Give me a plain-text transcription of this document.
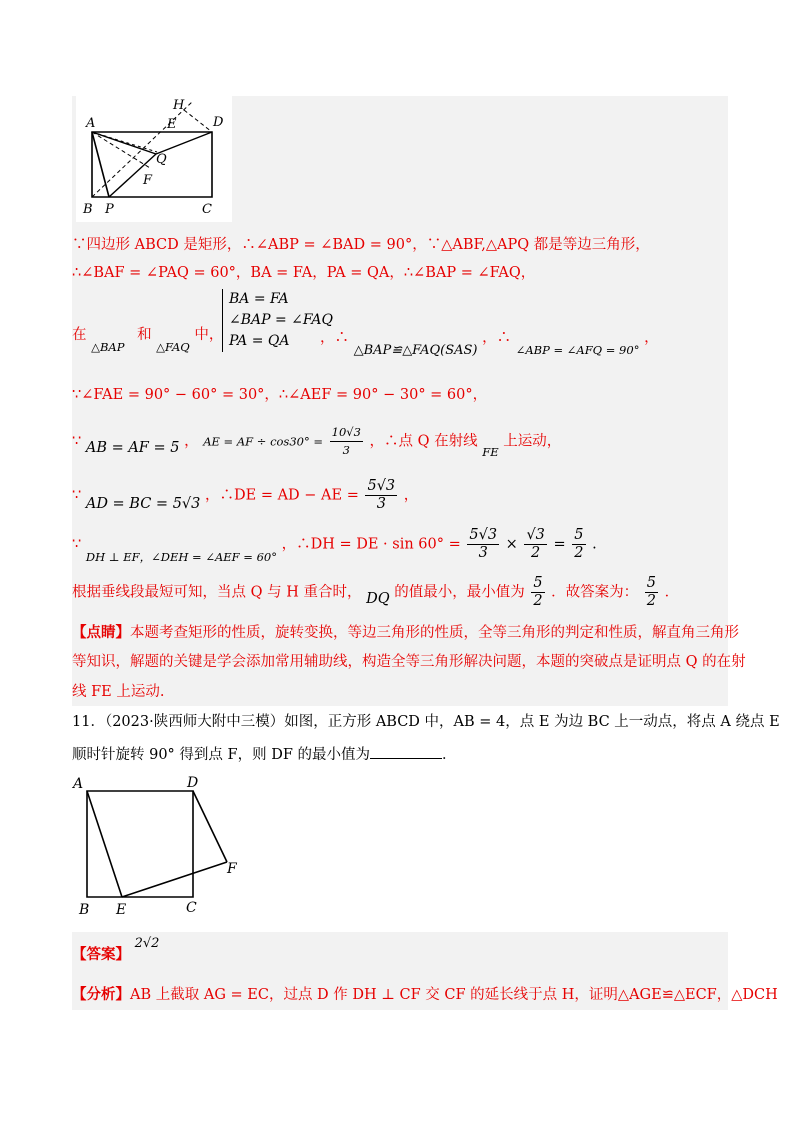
H
E	D
A
Q
F
B P	C
∵四边形 ABCD 是矩形，∴∠ABP = ∠BAD = 90°，∵△ABF,△APQ 都是等边三角形，
∴∠BAF = ∠PAQ = 60°，BA = FA，PA = QA，∴∠BAP = ∠FAQ，
在 $_{\triangle BAP}$ 和 $_{\triangle FAQ}$ 中，
BA = FA
∠BAP = ∠FAQ
PA = QA	，∴ △BAP≌△FAQ(SAS) ，∴ $_{\angle ABP = \angle AFQ = 90^\circ}$ ，
∵∠FAE = 90° − 60° = 30°，∴∠AEF = 90° − 30° = 60°，
∵ AB = AF = 5 ， AE = AF ÷ $\cos 30^\circ = \frac{10√3}{3}$ ，∴点 Q 在射线 $_{FE}$ 上运动，
∵ AD = BC = 5√3 ，∴DE = AD − AE = $\frac{5√3}{3}$ ，
∵ $_{DH \perp EF,\angle DEH = \angle AEF = 60^\circ}$ ，∴DH = DE · $\sin 60^\circ = \frac{5√3}{3} \times \frac{√3}{2} = \frac{5}{2}$ .
根据垂线段最短可知，当点 Q 与 H 重合时， DQ 的值最小，最小值为 $\frac{5}{2}$ ．故答案为： $\frac{5}{2}$ ．
【点睛】本题考查矩形的性质，旋转变换，等边三角形的性质，全等三角形的判定和性质，解直角三角形
等知识，解题的关键是学会添加常用辅助线，构造全等三角形解决问题，本题的突破点是证明点 Q 的在射
线 FE 上运动.
11．（2023·陕西师大附中三模）如图，正方形 ABCD 中，AB = 4，点 E 为边 BC 上一动点，将点 A 绕点 E
顺时针旋转 90° 得到点 F，则 DF 的最小值为	．
A	D
F
B E	C
【答案】 2√2
【分析】AB 上截取 AG = EC，过点 D 作 DH ⊥ CF 交 CF 的延长线于点 H，证明△AGE≌△ECF，△DCH
